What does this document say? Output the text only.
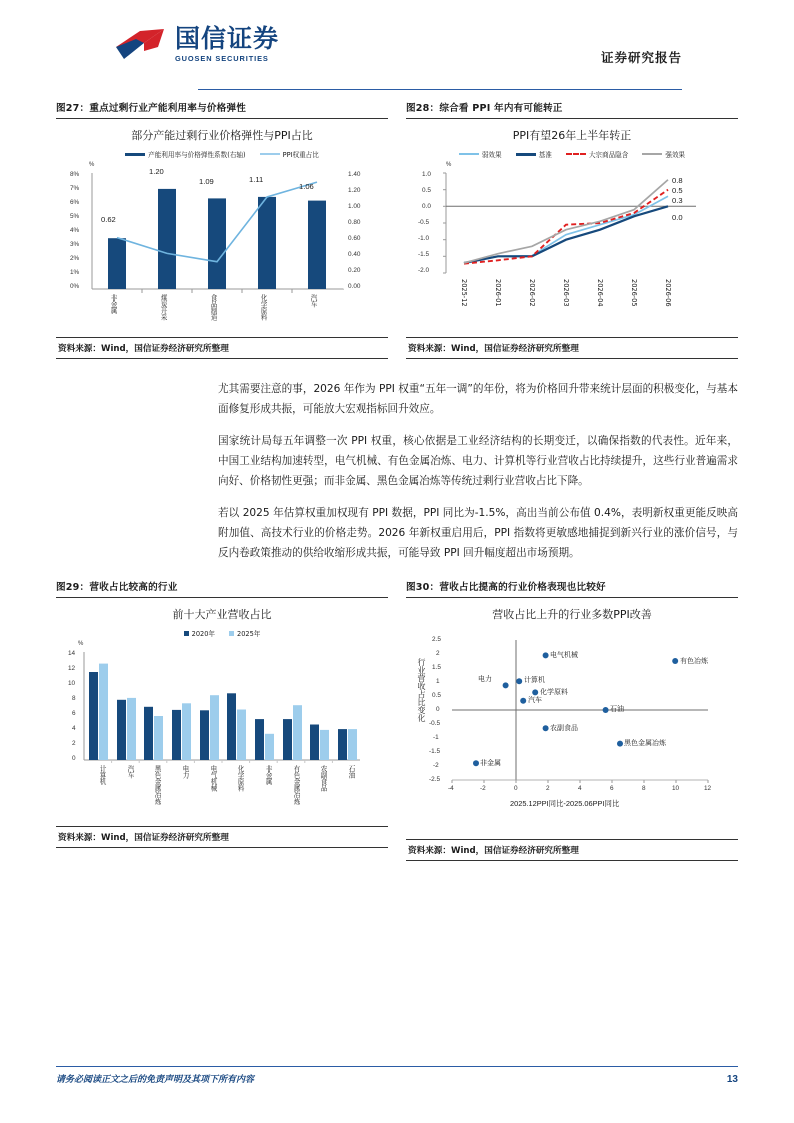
国信证券
GUOSEN SECURITIES	证券研究报告
图27：重点过剩行业产能利用率与价格弹性
部分产能过剩行业价格弹性与PPI占比
产能利用率与价格弹性系数(右轴)	PPI权重占比
%
8%
7%
6%
5%
4%
3%
2%
1%
0%
1.40
1.20
1.00
0.80
0.60
0.40
0.20
0.00
0.62
1.20
1.09	1.11
1.06
非金属	煤炭开采	食品制造	化学原料	汽车
资料来源：Wind，国信证券经济研究所整理
图28：综合看 PPI 年内有可能转正
PPI有望26年上半年转正
弱效果	基准	大宗商品隐含	强效果
%
1.0
0.5
0.0
-0.5
-1.0
-1.5
-2.0
0.8
0.5
0.3
0.0
2025-12	2026-01	2026-02	2026-03	2026-04	2026-05	2026-06
资料来源：Wind，国信证券经济研究所整理

尤其需要注意的事，2026 年作为 PPI 权重“五年一调”的年份，将为价格回升带来统计层面的积极变化，与基本面修复形成共振，可能放大宏观指标回升效应。

国家统计局每五年调整一次 PPI 权重，核心依据是工业经济结构的长期变迁，以确保指数的代表性。近年来，中国工业结构加速转型，电气机械、有色金属冶炼、电力、计算机等行业营收占比持续提升，这些行业普遍需求向好、价格韧性更强；而非金属、黑色金属冶炼等传统过剩行业营收占比下降。

若以 2025 年估算权重加权现有 PPI 数据，PPI 同比为-1.5%，高出当前公布值 0.4%，表明新权重更能反映高附加值、高技术行业的价格走势。2026 年新权重启用后，PPI 指数将更敏感地捕捉到新兴行业的涨价信号，与反内卷政策推动的供给收缩形成共振，可能导致 PPI 回升幅度超出市场预期。

图29：营收占比较高的行业
前十大产业营收占比
2020年	2025年
%
14
12
10
8
6
4
2
0
计算机	汽车	黑色金属冶炼	电力	电气机械	化学原料	非金属	有色金属冶炼	农副食品	石油
资料来源：Wind，国信证券经济研究所整理
图30：营收占比提高的行业价格表现也比较好
营收占比上升的行业多数PPI改善
行业营收占比变化
2.5
2
1.5
1
0.5
0
-0.5
-1
-1.5
-2
-2.5
电气机械
有色冶炼
电力	计算机
化学原料
汽车
石油
农副食品
黑色金属冶炼
非金属
-4	-2	0	2	4	6	8	10	12
2025.12PPI同比-2025.06PPI同比
资料来源：Wind，国信证券经济研究所整理
请务必阅读正文之后的免责声明及其项下所有内容	13
